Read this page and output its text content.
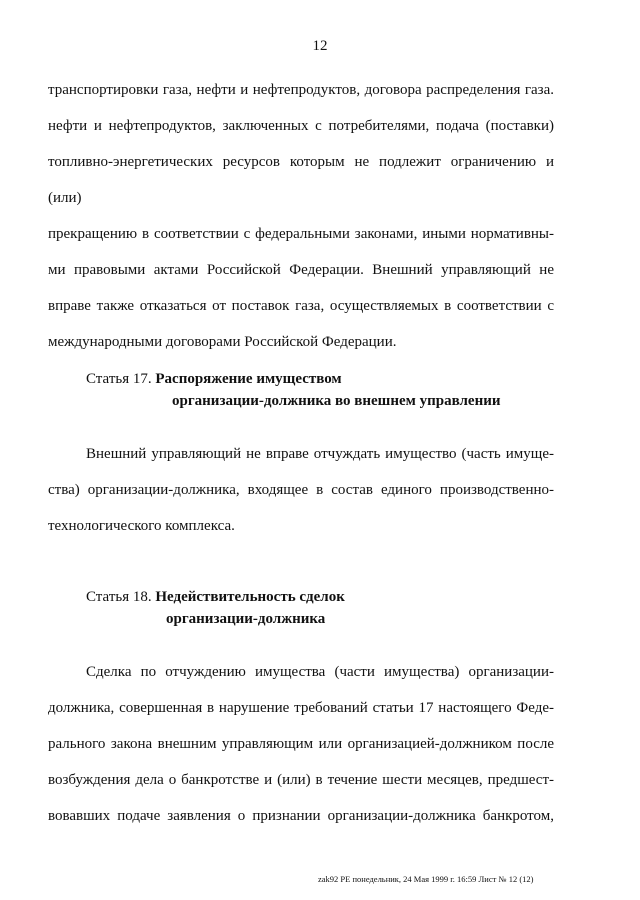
12
транспортировки газа, нефти и нефтепродуктов, договора распределения газа.
нефти и нефтепродуктов, заключенных с потребителями, подача (поставки)
топливно-энергетических ресурсов которым не подлежит ограничению и (или)
прекращению в соответствии с федеральными законами, иными нормативны-
ми правовыми актами Российской Федерации. Внешний управляющий не
вправе также отказаться от поставок газа, осуществляемых в соответствии с
международными договорами Российской Федерации.
Статья 17. Распоряжение имуществом
организации-должника во внешнем управлении
Внешний управляющий не вправе отчуждать имущество (часть имуще-
ства) организации-должника, входящее в состав единого производственно-
технологического комплекса.
Статья 18. Недействительность сделок
организации-должника
Сделка по отчуждению имущества (части имущества) организации-
должника, совершенная в нарушение требований статьи 17 настоящего Феде-
рального закона внешним управляющим или организацией-должником после
возбуждения дела о банкротстве и (или) в течение шести месяцев, предшест-
вовавших подаче заявления о признании организации-должника банкротом,
zak92 PE понедельник, 24 Мая 1999 г. 16:59 Лист № 12 (12)
